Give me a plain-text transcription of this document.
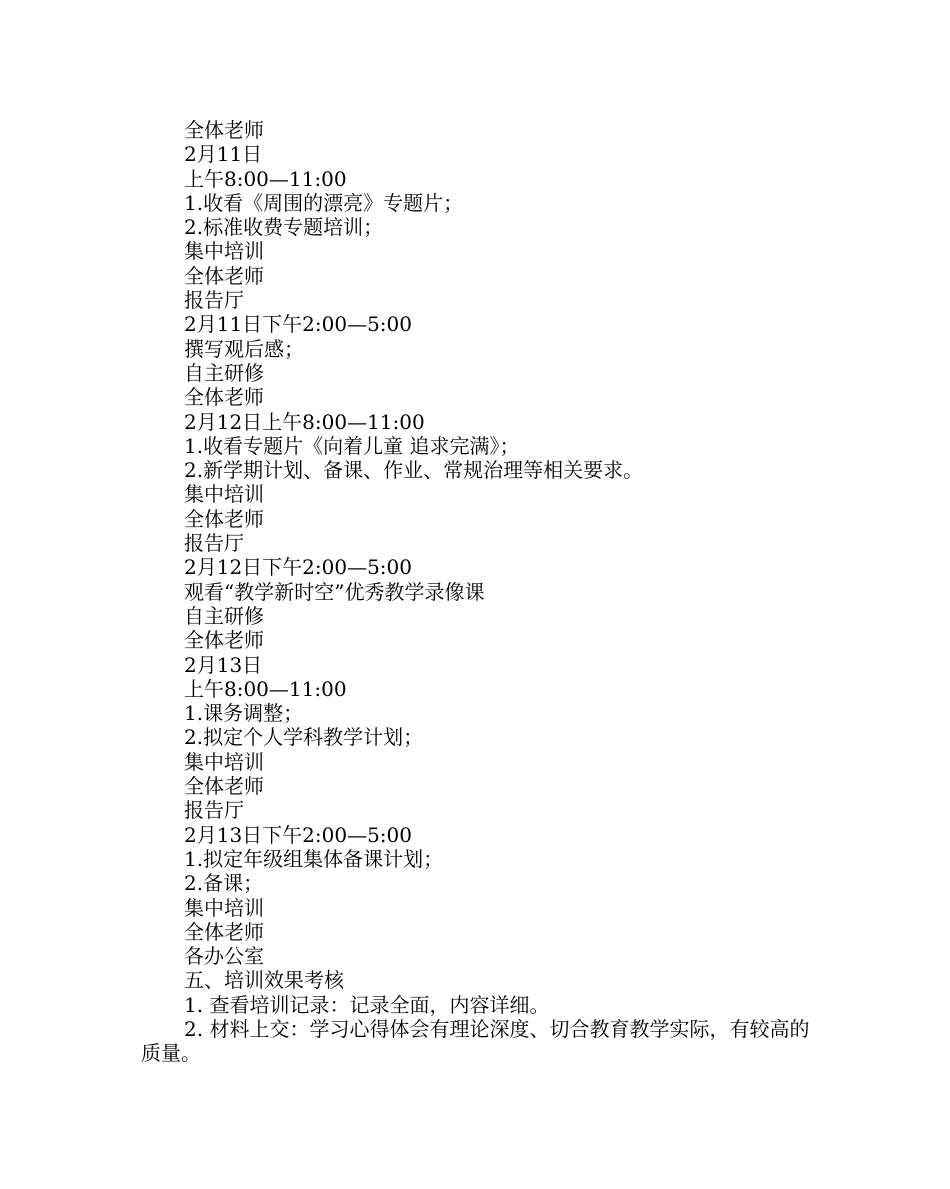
全体老师
2月11日
上午8:00—11:00
1.收看《周围的漂亮》专题片；
2.标准收费专题培训；
集中培训
全体老师
报告厅
2月11日下午2:00—5:00
撰写观后感；
自主研修
全体老师
2月12日上午8:00—11:00
1.收看专题片《向着儿童 追求完满》；
2.新学期计划、备课、作业、常规治理等相关要求。
集中培训
全体老师
报告厅
2月12日下午2:00—5:00
观看“教学新时空”优秀教学录像课
自主研修
全体老师
2月13日
上午8:00—11:00
1.课务调整；
2.拟定个人学科教学计划；
集中培训
全体老师
报告厅
2月13日下午2:00—5:00
1.拟定年级组集体备课计划；
2.备课；
集中培训
全体老师
各办公室
五、培训效果考核
1. 查看培训记录：记录全面，内容详细。
2. 材料上交：学习心得体会有理论深度、切合教育教学实际，有较高的质量。
